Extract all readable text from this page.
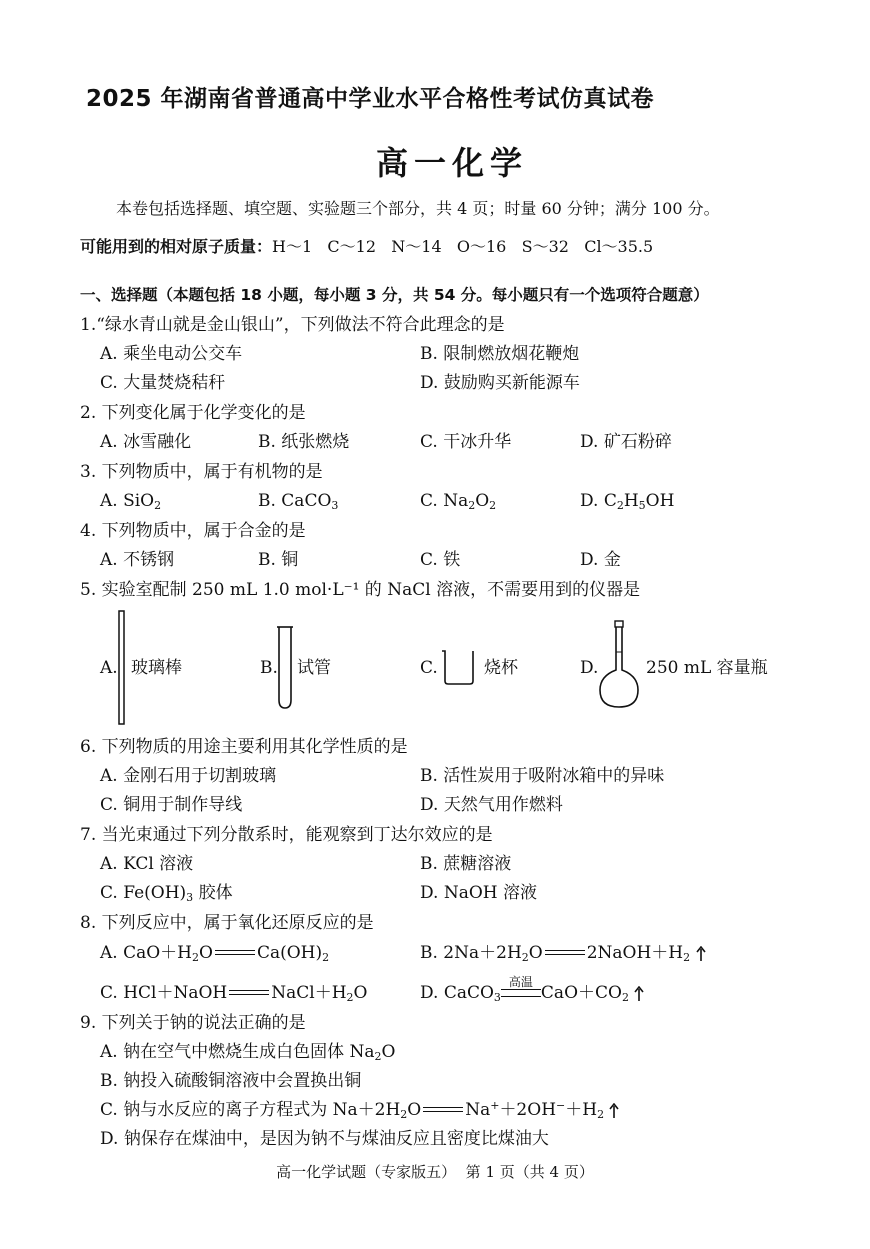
2025 年湖南省普通高中学业水平合格性考试仿真试卷
高一化学
本卷包括选择题、填空题、实验题三个部分，共 4 页；时量 60 分钟；满分 100 分。
可能用到的相对原子质量：H～1   C～12   N～14   O～16   S～32   Cl～35.5
一、选择题（本题包括 18 小题，每小题 3 分，共 54 分。每小题只有一个选项符合题意）
1.“绿水青山就是金山银山”，下列做法不符合此理念的是
A. 乘坐电动公交车	B. 限制燃放烟花鞭炮
C. 大量焚烧秸秆	D. 鼓励购买新能源车
2. 下列变化属于化学变化的是
A. 冰雪融化	B. 纸张燃烧	C. 干冰升华	D. 矿石粉碎
3. 下列物质中，属于有机物的是
A. SiO$_2$	B. CaCO$_3$	C. $Na_2O_2$	D. $C_2H_5OH$
4. 下列物质中，属于合金的是
A. 不锈钢	B. 铜	C. 铁	D. 金
5. 实验室配制 250 mL 1.0 mol·L⁻¹ 的 NaCl 溶液，不需要用到的仪器是
A. 玻璃棒	B. 试管	C.	烧杯	D.	250 mL 容量瓶
6. 下列物质的用途主要利用其化学性质的是
A. 金刚石用于切割玻璃	B. 活性炭用于吸附冰箱中的异味
C. 铜用于制作导线	D. 天然气用作燃料
7. 当光束通过下列分散系时，能观察到丁达尔效应的是
A. KCl 溶液	B. 蔗糖溶液
C. $Fe(OH)_3$ 胶体	D. NaOH 溶液
8. 下列反应中，属于氧化还原反应的是
A. $CaO+H_2O$	$Ca(OH)_2$	B. $2Na+2H_2O$	$2NaOH+H_2$
C. HCl＋NaOH	$NaCl+H_2O$	D. CaCO$_3$
高温
$CaO+CO_2$
9. 下列关于钠的说法正确的是
A. 钠在空气中燃烧生成白色固体 $Na_2O$
B. 钠投入硫酸铜溶液中会置换出铜
C. 钠与水反应的离子方程式为 $Na+2H_2O$	$Na^++2OH^-+H_2$
D. 钠保存在煤油中，是因为钠不与煤油反应且密度比煤油大
高一化学试题（专家版五）  第 1 页（共 4 页）
